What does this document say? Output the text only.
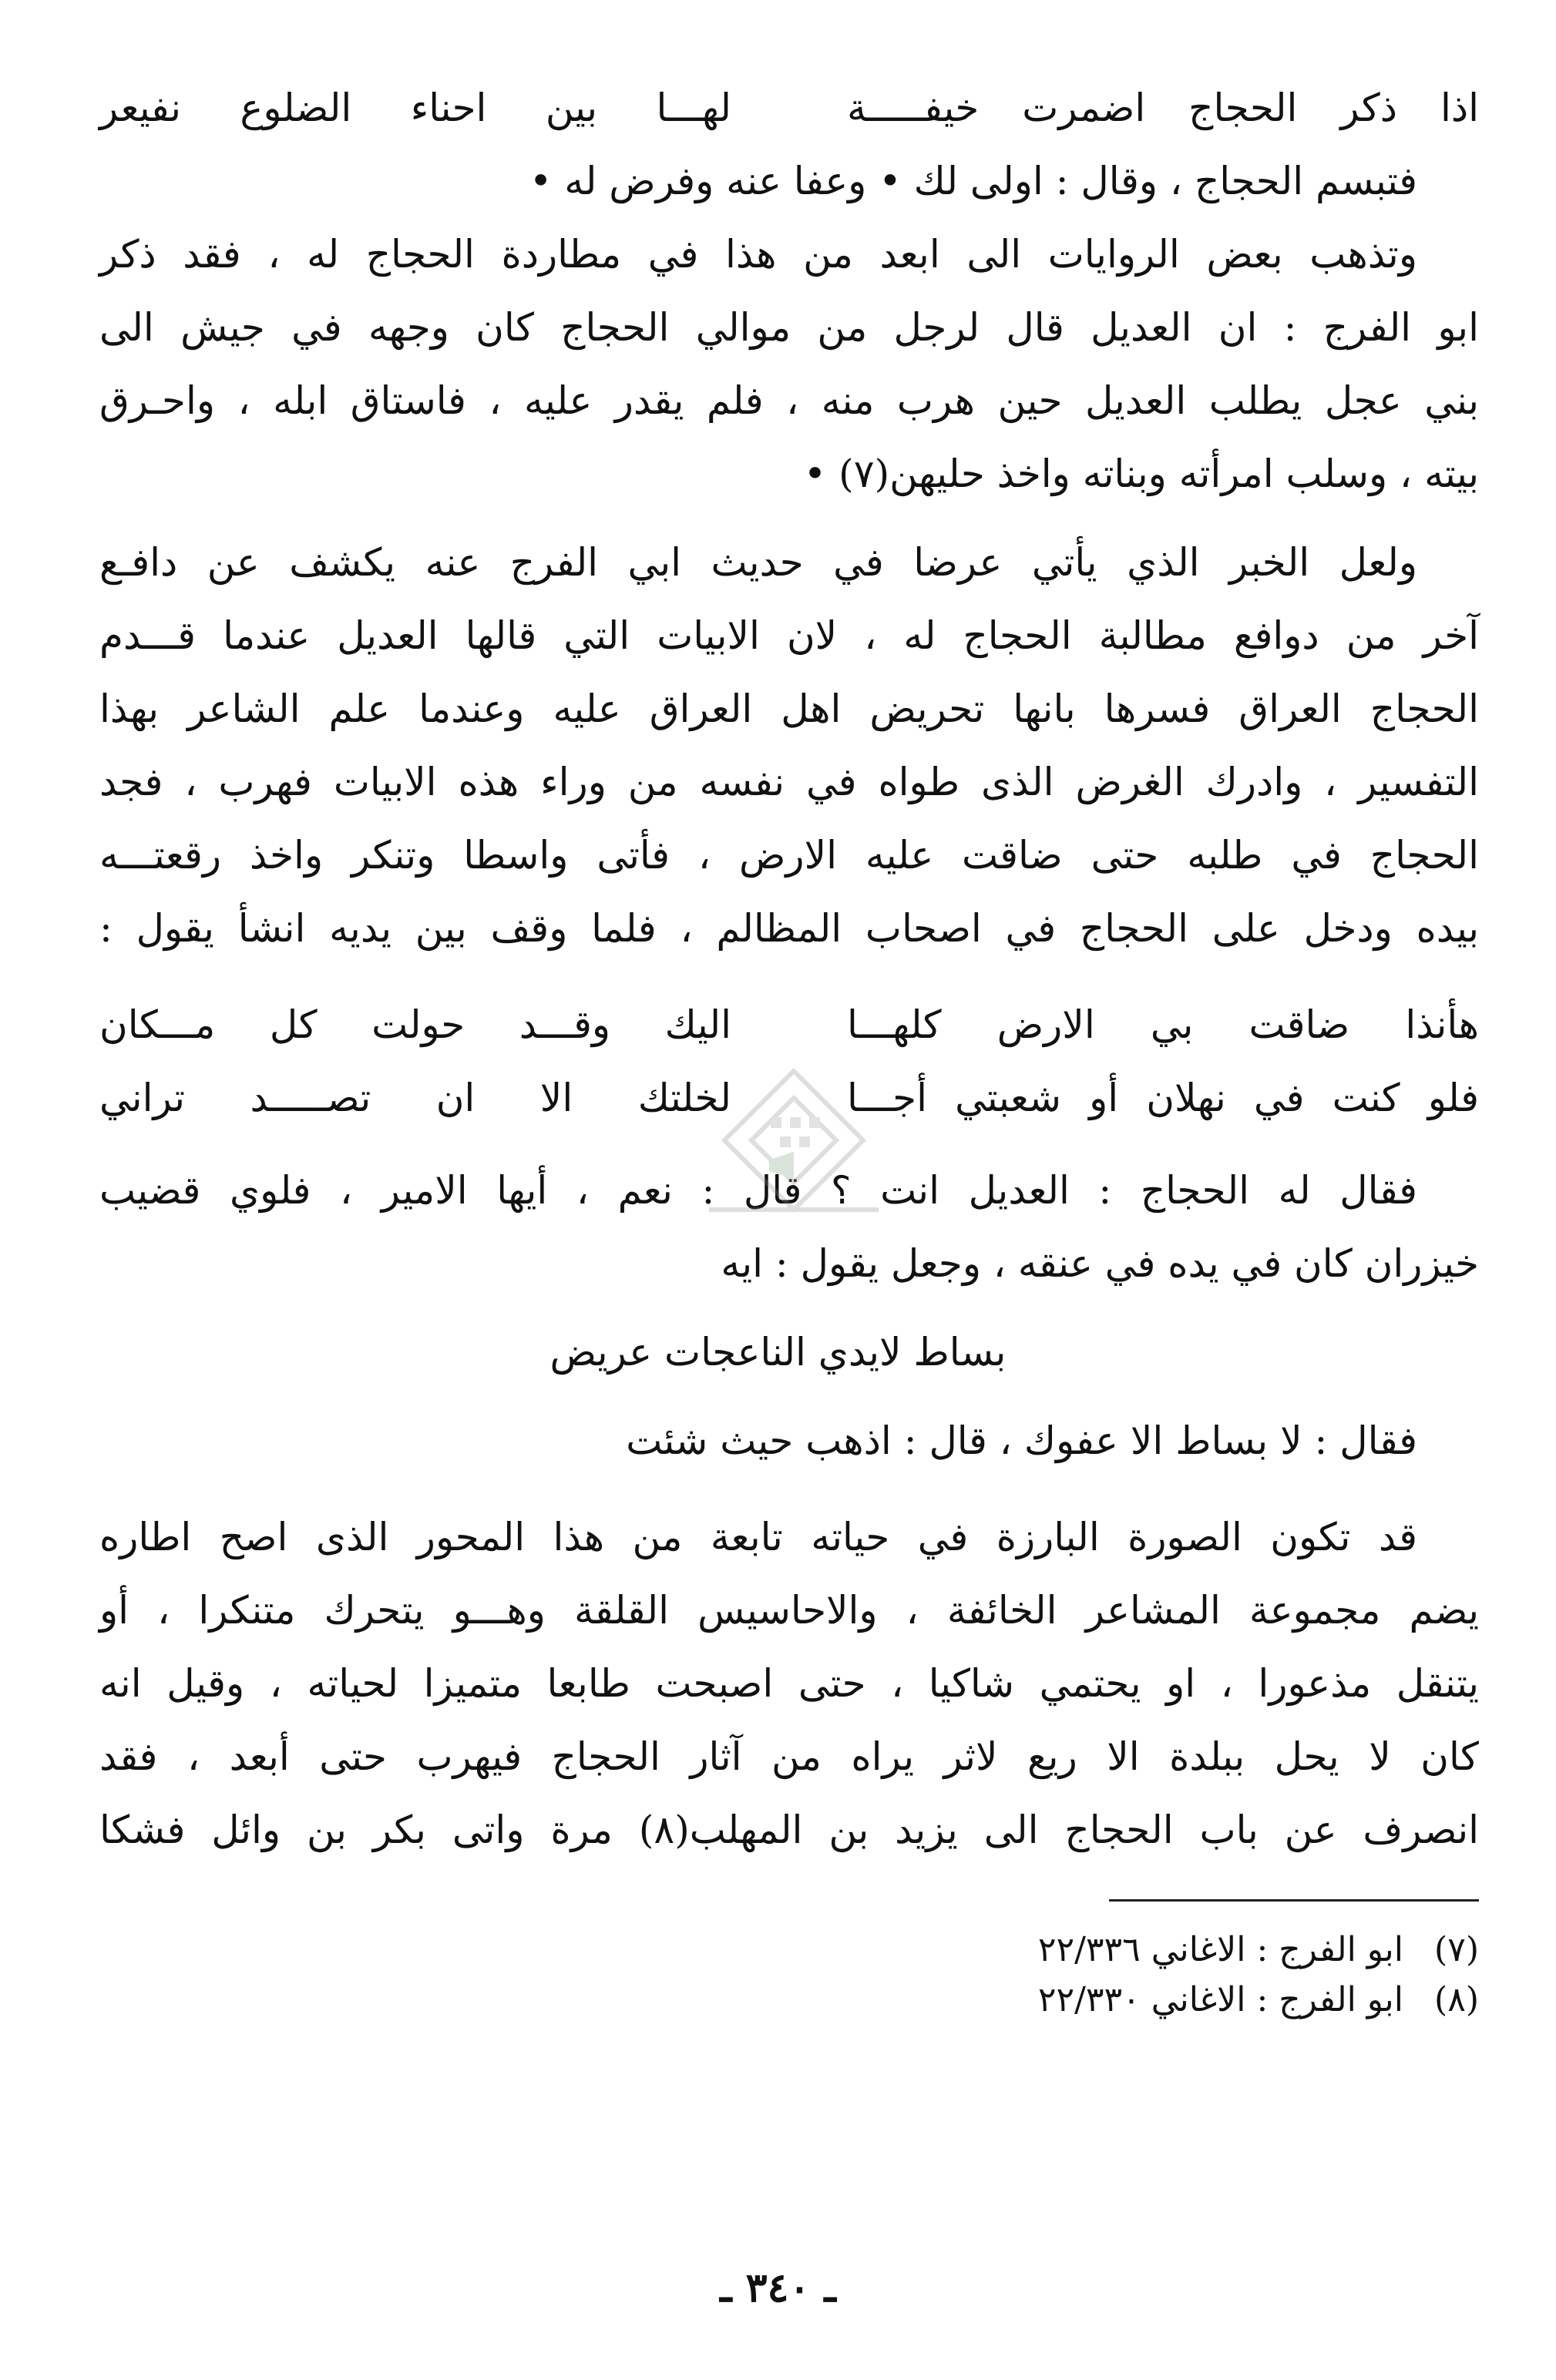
اذا ذكر الحجاج اضمرت خيفـــــة
لهـــا بين احناء الضلوع نفيعر
فتبسم الحجاج ، وقال : اولى لك • وعفا عنه وفرض له •
وتذهب بعض الروايات الى ابعد من هذا في مطاردة الحجاج له ، فقد ذكر
ابو الفرج : ان العديل قال لرجل من موالي الحجاج كان وجهه في جيش الى
بني عجل يطلب العديل حين هرب منه ، فلم يقدر عليه ، فاستاق ابله ، واحـرق
بيته ، وسلب امرأته وبناته واخذ حليهن(٧) •
ولعل الخبر الذي يأتي عرضا في حديث ابي الفرج عنه يكشف عن دافـع
آخر من دوافع مطالبة الحجاج له ، لان الابيات التي قالها العديل عندما قـــدم
الحجاج العراق فسرها بانها تحريض اهل العراق عليه وعندما علم الشاعر بهذا
التفسير ، وادرك الغرض الذى طواه في نفسه من وراء هذه الابيات فهرب ، فجد
الحجاج في طلبه حتى ضاقت عليه الارض ، فأتى واسطا وتنكر واخذ رقعتـــه
بيده ودخل على الحجاج في اصحاب المظالم ، فلما وقف بين يديه انشأ يقول :
هأنذا ضاقت بي الارض كلهـــا
اليك وقـــد حولت كل مـــكان
فلو كنت في نهلان أو شعبتي أجـــا
لخلتك الا ان تصـــــد تراني
فقال له الحجاج : العديل انت ؟ قال : نعم ، أيها الامير ، فلوي قضيب
خيزران كان في يده في عنقه ، وجعل يقول : ايه
بساط لايدي الناعجات عريض
فقال : لا بساط الا عفوك ، قال : اذهب حيث شئت
قد تكون الصورة البارزة في حياته تابعة من هذا المحور الذى اصح اطاره
يضم مجموعة المشاعر الخائفة ، والاحاسيس القلقة وهـــو يتحرك متنكرا ، أو
يتنقل مذعورا ، او يحتمي شاكيا ، حتى اصبحت طابعا متميزا لحياته ، وقيل انه
كان لا يحل ببلدة الا ريع لاثر يراه من آثار الحجاج فيهرب حتى أبعد ، فقد
انصرف عن باب الحجاج الى يزيد بن المهلب(٨) مرة واتى بكر بن وائل فشكا
(٧)
ابو الفرج : الاغاني ٢٢/٣٣٦
(٨)
ابو الفرج : الاغاني ٢٢/٣٣٠
ـ ٣٤٠ ـ
